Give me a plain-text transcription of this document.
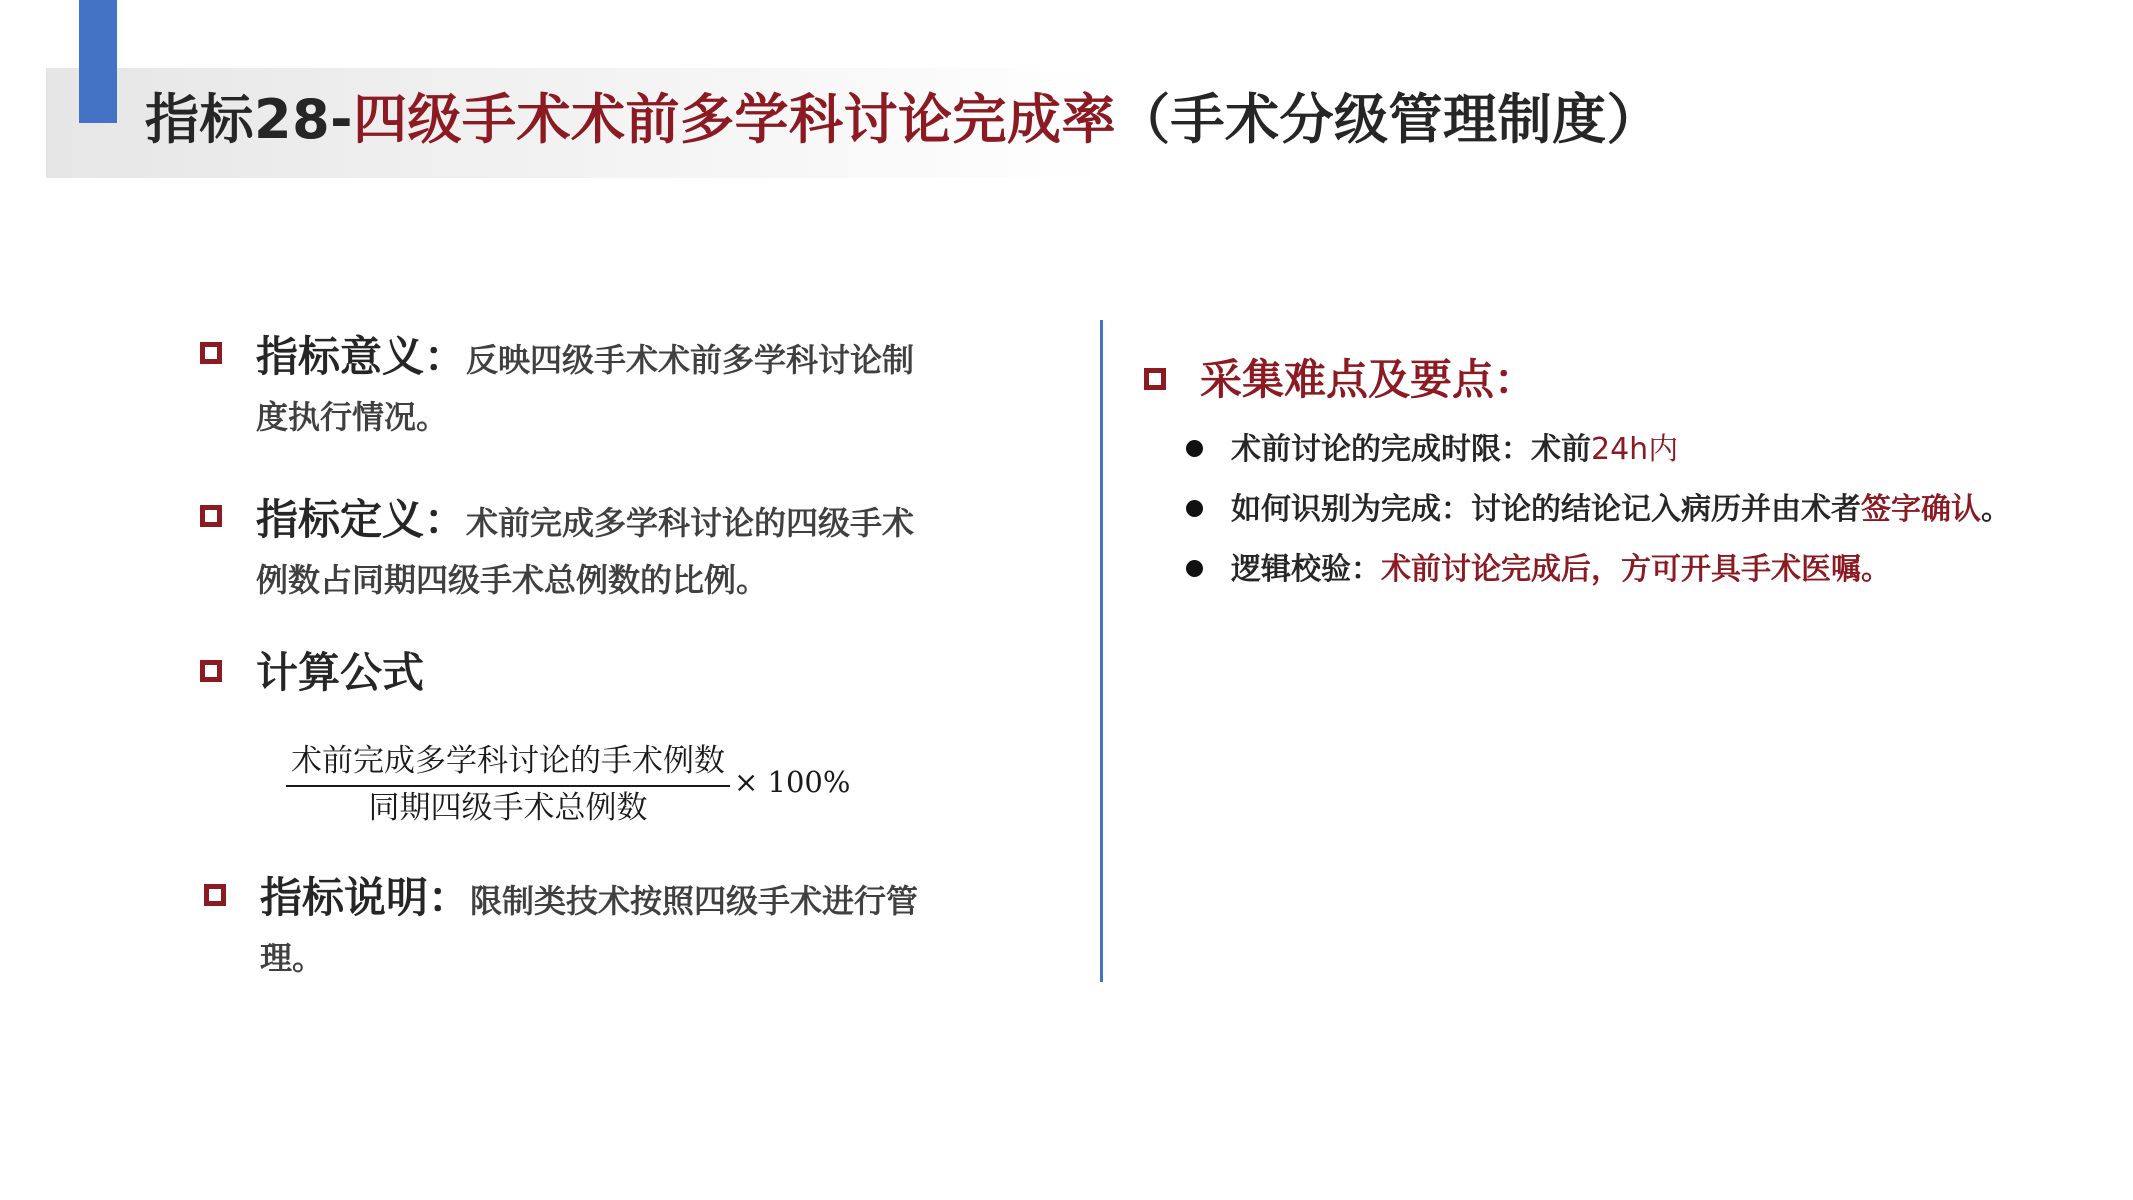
指标28-四级手术术前多学科讨论完成率（手术分级管理制度）
指标意义：反映四级手术术前多学科讨论制
度执行情况。
指标定义：术前完成多学科讨论的四级手术
例数占同期四级手术总例数的比例。
计算公式
术前完成多学科讨论的手术例数
同期四级手术总例数
× 100%
指标说明：限制类技术按照四级手术进行管
理。
采集难点及要点：
术前讨论的完成时限：术前24h内
如何识别为完成：讨论的结论记入病历并由术者签字确认。
逻辑校验：术前讨论完成后，方可开具手术医嘱。
